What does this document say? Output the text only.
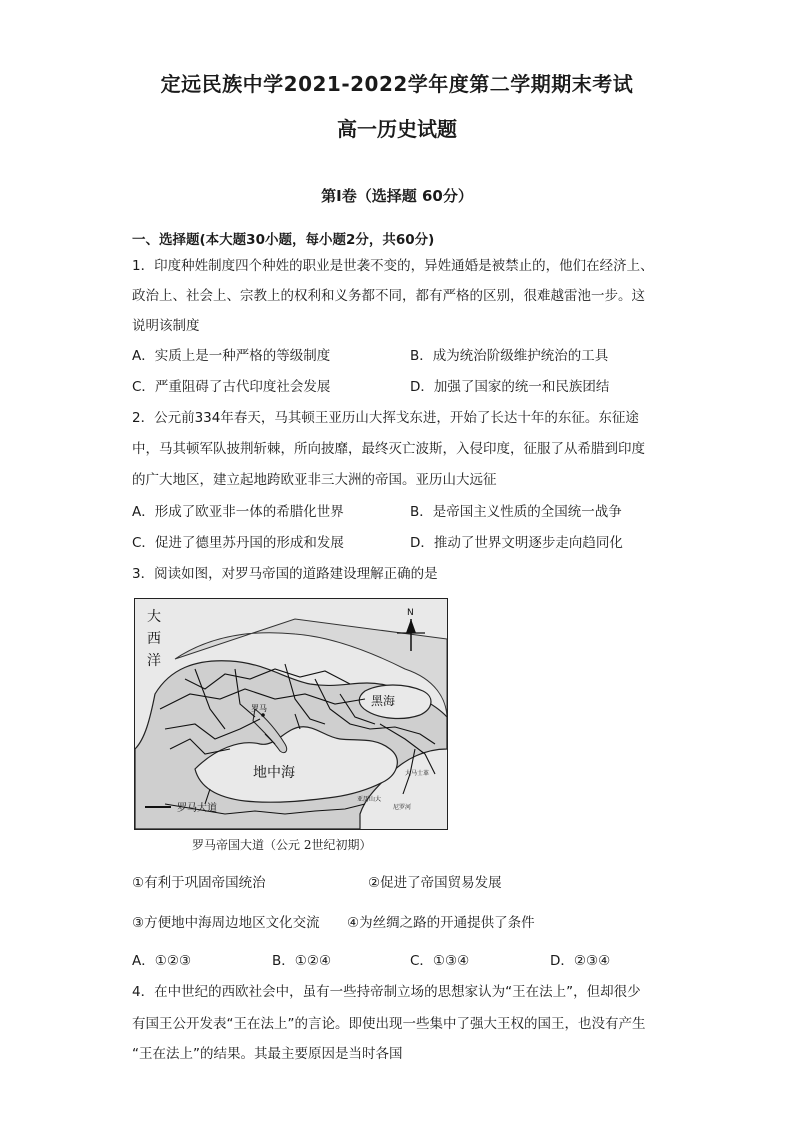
定远民族中学2021-2022学年度第二学期期末考试
高一历史试题
第Ⅰ卷（选择题 60分）
一、选择题(本大题30小题，每小题2分，共60分)
1．印度种姓制度四个种姓的职业是世袭不变的，异姓通婚是被禁止的，他们在经济上、
政治上、社会上、宗教上的权利和义务都不同，都有严格的区别，很难越雷池一步。这
说明该制度
A．实质上是一种严格的等级制度	B．成为统治阶级维护统治的工具
C．严重阻碍了古代印度社会发展	D．加强了国家的统一和民族团结
2．公元前334年春天，马其顿王亚历山大挥戈东进，开始了长达十年的东征。东征途
中，马其顿军队披荆斩棘，所向披靡，最终灭亡波斯，入侵印度，征服了从希腊到印度
的广大地区，建立起地跨欧亚非三大洲的帝国。亚历山大远征
A．形成了欧亚非一体的希腊化世界	B．是帝国主义性质的全国统一战争
C．促进了德里苏丹国的形成和发展	D．推动了世界文明逐步走向趋同化
3．阅读如图，对罗马帝国的道路建设理解正确的是
N
大
西
洋
黑海
地中海
罗马
大马士革
亚历山大
尼罗河
罗马大道
罗马帝国大道（公元 2世纪初期）
①有利于巩固帝国统治	②促进了帝国贸易发展
③方便地中海周边地区文化交流 ④为丝绸之路的开通提供了条件
A．①②③	B．①②④	C．①③④	D．②③④
4．在中世纪的西欧社会中，虽有一些持帝制立场的思想家认为“王在法上”，但却很少
有国王公开发表“王在法上”的言论。即使出现一些集中了强大王权的国王，也没有产生
“王在法上”的结果。其最主要原因是当时各国
